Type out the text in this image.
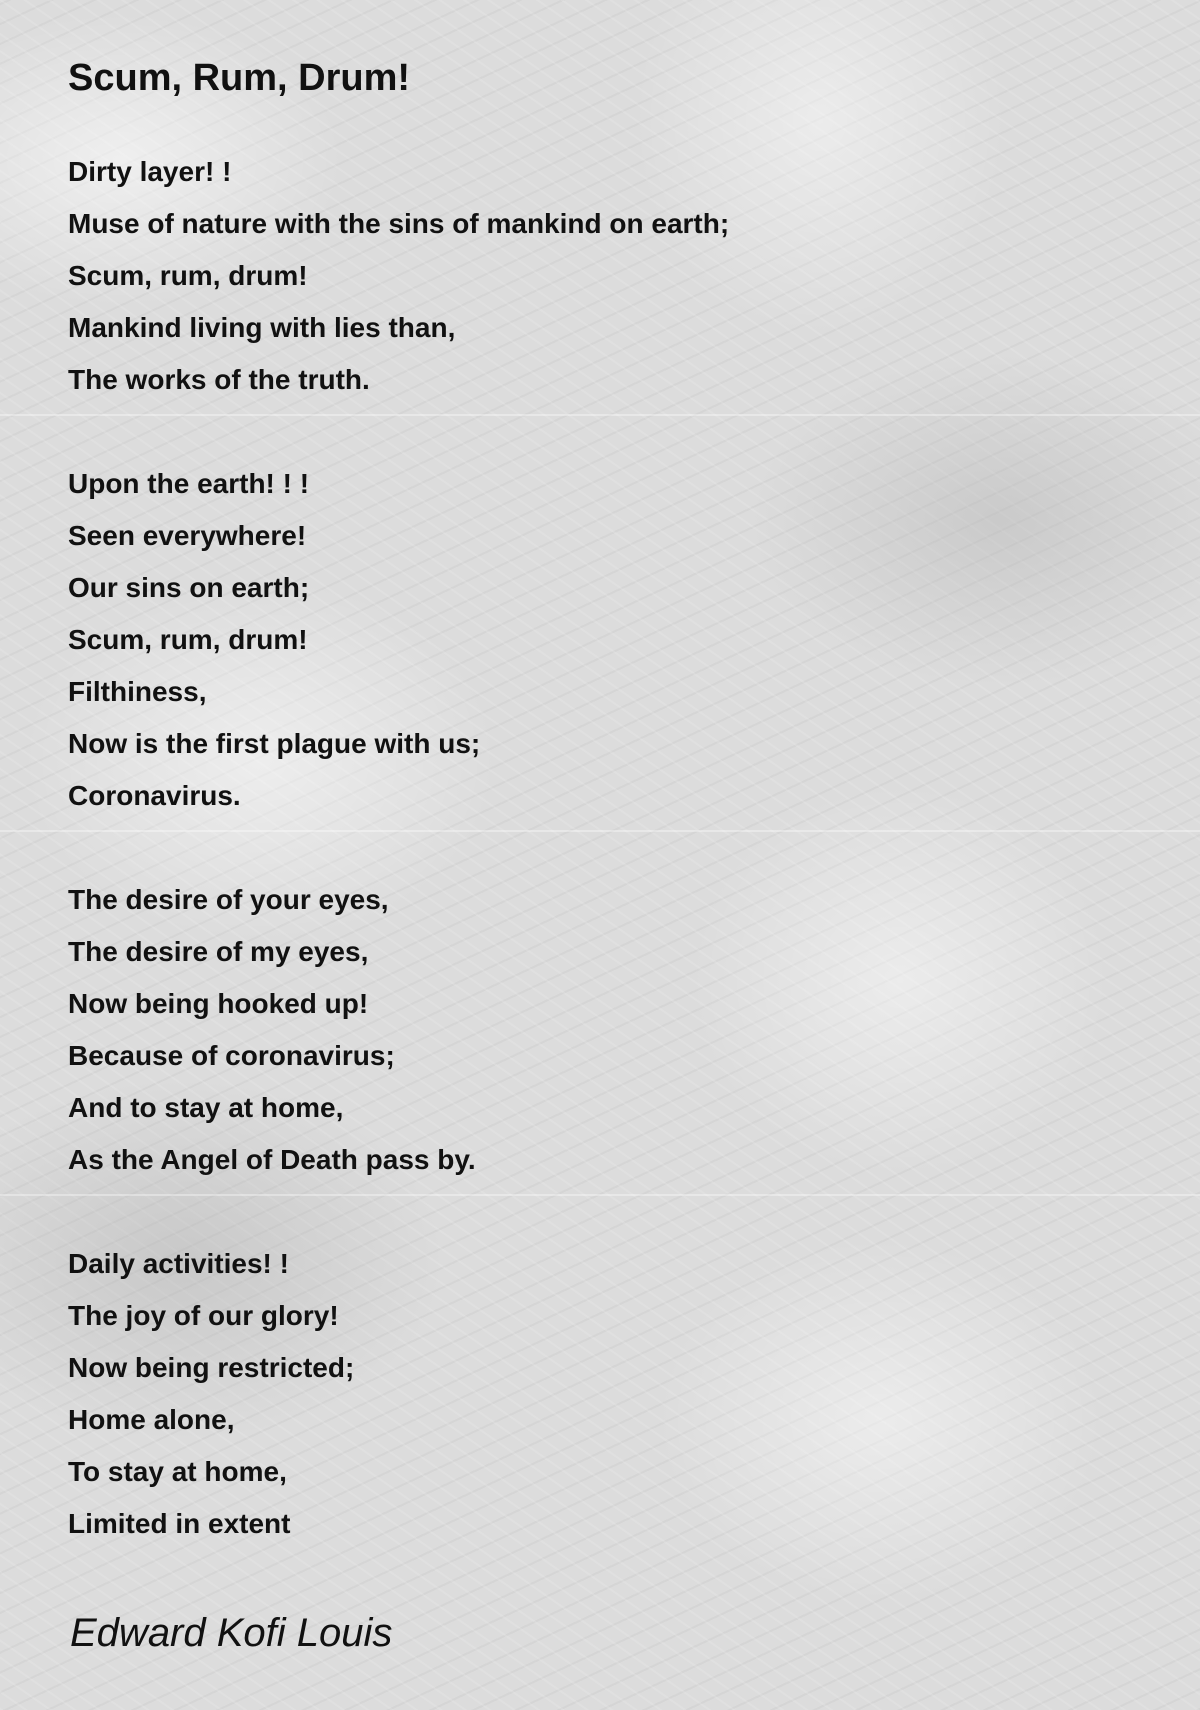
Scum, Rum, Drum!
Dirty layer! !
Muse of nature with the sins of mankind on earth;
Scum, rum, drum!
Mankind living with lies than,
The works of the truth.
Upon the earth! ! !
Seen everywhere!
Our sins on earth;
Scum, rum, drum!
Filthiness,
Now is the first plague with us;
Coronavirus.
The desire of your eyes,
The desire of my eyes,
Now being hooked up!
Because of coronavirus;
And to stay at home,
As the Angel of Death pass by.
Daily activities! !
The joy of our glory!
Now being restricted;
Home alone,
To stay at home,
Limited in extent
Edward Kofi Louis
